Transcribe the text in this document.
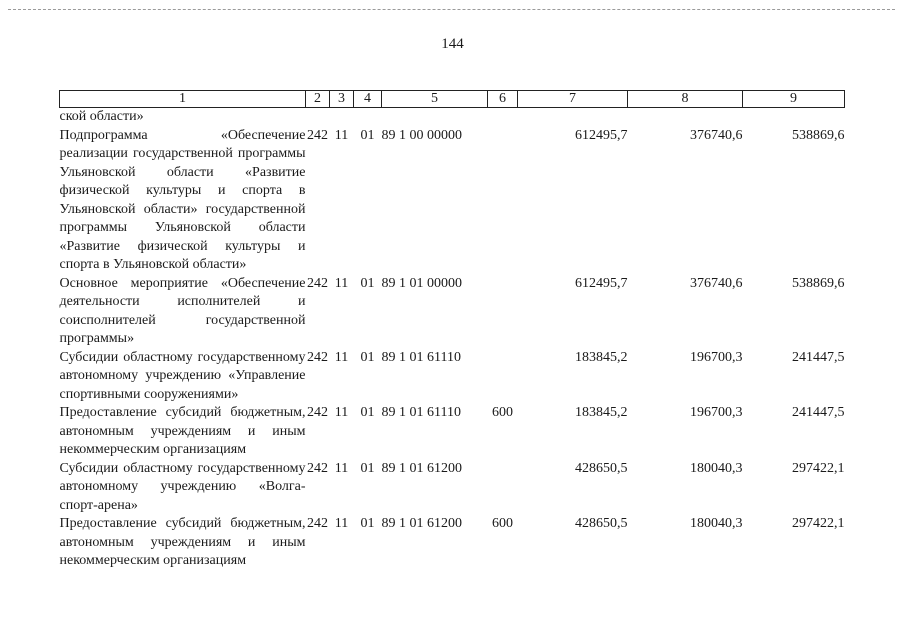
144
1	2	3	4	5	6	7	8	9
ской области»								
Подпрограмма «Обеспечение реализации государственной программы Ульяновской области «Развитие физической культуры и спорта в Ульяновской области» государственной программы Ульяновской области «Развитие физической культуры и спорта в Ульяновской области»	242	11	01	89 1 00 00000		612495,7	376740,6	538869,6
Основное мероприятие «Обеспечение деятельности исполнителей и соисполнителей государственной программы»	242	11	01	89 1 01 00000		612495,7	376740,6	538869,6
Субсидии областному государственному автономному учреждению «Управление спортивными сооружениями»	242	11	01	89 1 01 61110		183845,2	196700,3	241447,5
Предоставление субсидий бюджетным, автономным учреждениям и иным некоммерческим организациям	242	11	01	89 1 01 61110	600	183845,2	196700,3	241447,5
Субсидии областному государственному автономному учреждению «Волга-спорт-арена»	242	11	01	89 1 01 61200		428650,5	180040,3	297422,1
Предоставление субсидий бюджетным, автономным учреждениям и иным некоммерческим организациям	242	11	01	89 1 01 61200	600	428650,5	180040,3	297422,1
